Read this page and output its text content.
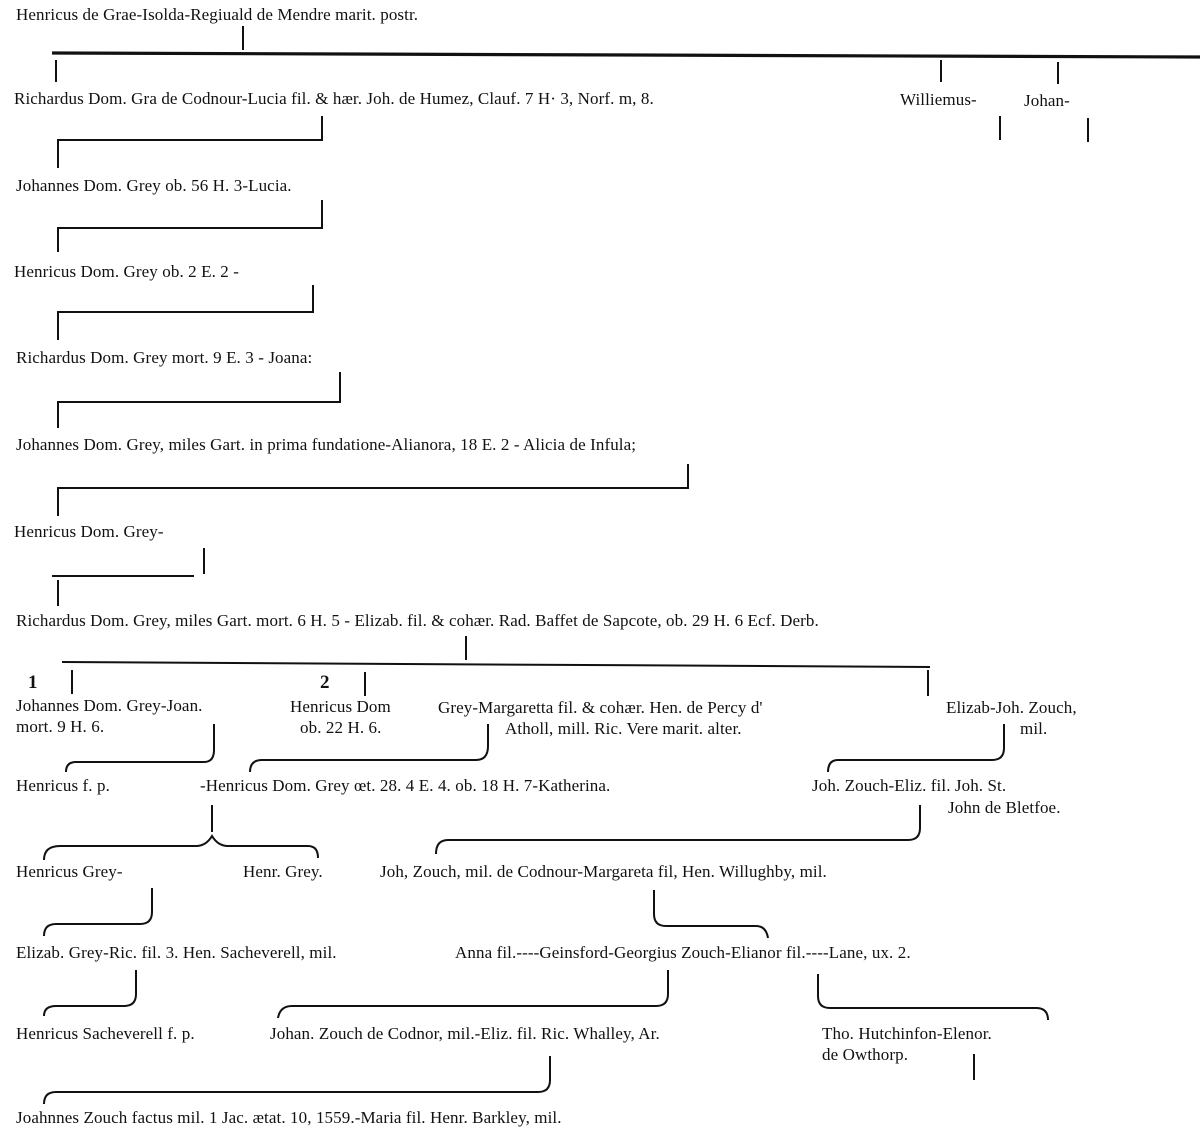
Henricus de Grae-Isolda-Regiuald de Mendre marit. postr.
Richardus Dom. Gra de Codnour-Lucia fil. & hær. Joh. de Humez, Clauf. 7 H· 3, Norf. m, 8.	Williemus-	Johan-
Johannes Dom. Grey ob. 56 H. 3-Lucia.
Henricus Dom. Grey ob. 2 E. 2 -
Richardus Dom. Grey mort. 9 E. 3 - Joana:
Johannes Dom. Grey, miles Gart. in prima fundatione-Alianora, 18 E. 2 - Alicia de Infula;
Henricus Dom. Grey-
Richardus Dom. Grey, miles Gart. mort. 6 H. 5 - Elizab. fil. & cohær. Rad. Baffet de Sapcote, ob. 29 H. 6 Ecf. Derb.
1
Johannes Dom. Grey-Joan.
mort. 9 H. 6.
2
Henricus Dom
ob. 22 H. 6.
Grey-Margaretta fil. & cohær. Hen. de Percy d'
Atholl, mill. Ric. Vere marit. alter.
Elizab-Joh. Zouch,
mil.
Henricus f. p.	-Henricus Dom. Grey œt. 28. 4 E. 4. ob. 18 H. 7-Katherina.	Joh. Zouch-Eliz. fil. Joh. St.
John de Bletfoe.
Henricus Grey-	Henr. Grey.	Joh, Zouch, mil. de Codnour-Margareta fil, Hen. Willughby, mil.
Elizab. Grey-Ric. fil. 3. Hen. Sacheverell, mil.	Anna fil.----Geinsford-Georgius Zouch-Elianor fil.----Lane, ux. 2.
Henricus Sacheverell f. p.	Johan. Zouch de Codnor, mil.-Eliz. fil. Ric. Whalley, Ar.	Tho. Hutchinfon-Elenor.
de Owthorp.
Joahnnes Zouch factus mil. 1 Jac. ætat. 10, 1559.-Maria fil. Henr. Barkley, mil.
